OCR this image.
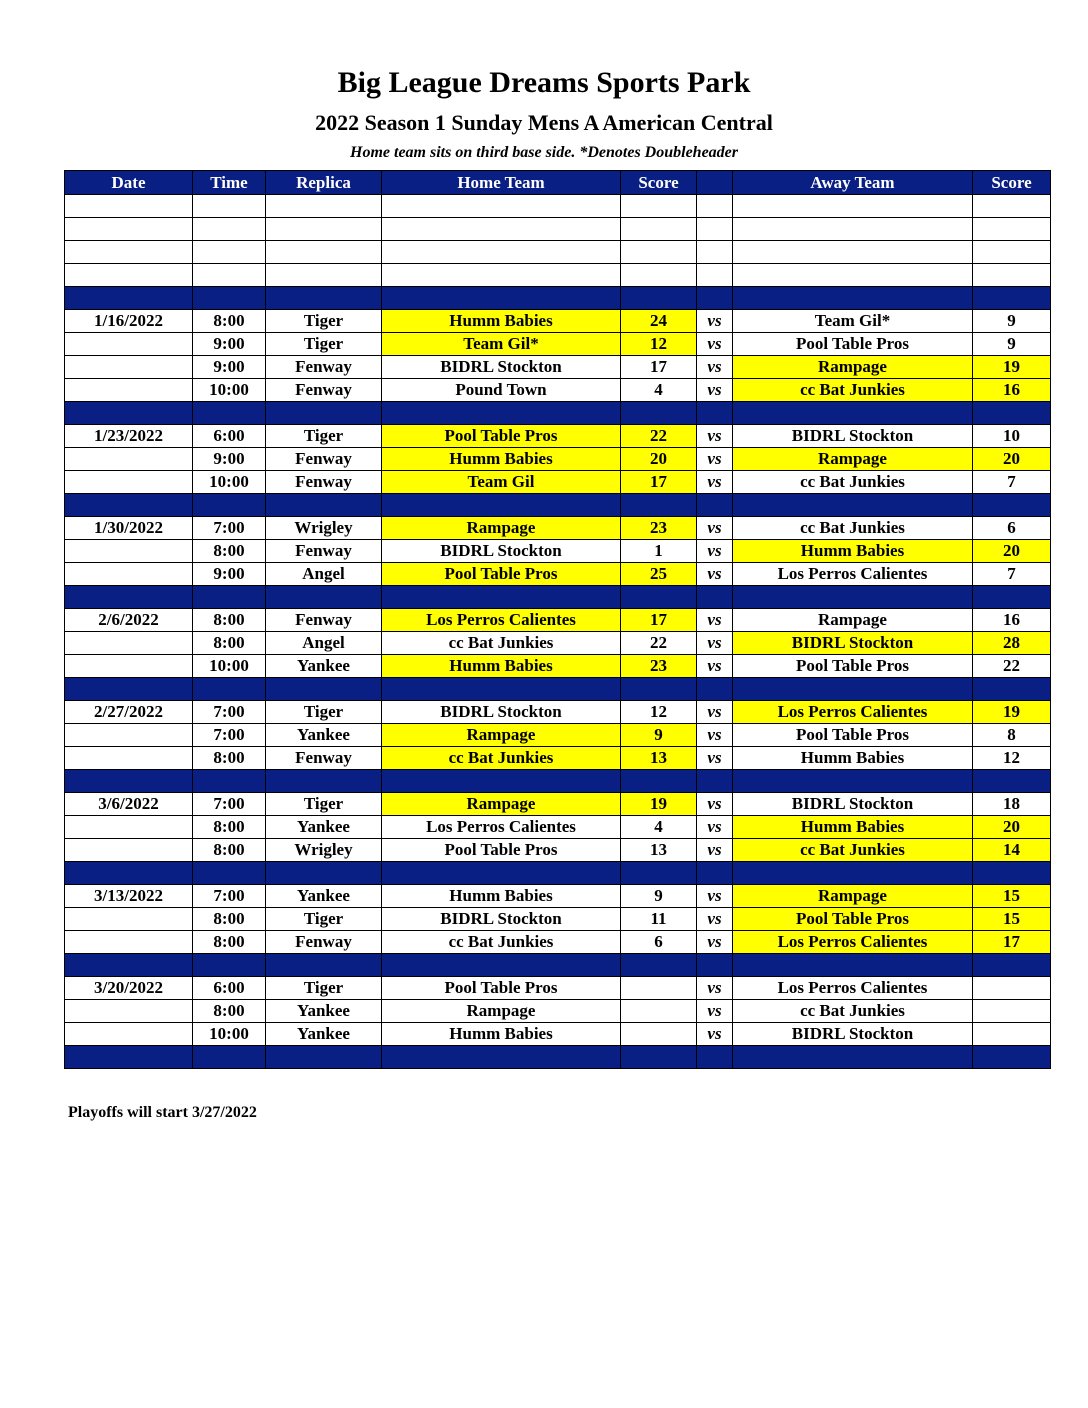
Big League Dreams Sports Park
2022 Season 1 Sunday Mens A American Central
Home team sits on third base side. *Denotes Doubleheader
Date	Time	Replica	Home Team	Score		Away Team	Score

1/16/2022	8:00	Tiger	Humm Babies	24	vs	Team Gil*	9
	9:00	Tiger	Team Gil*	12	vs	Pool Table Pros	9
	9:00	Fenway	BIDRL Stockton	17	vs	Rampage	19
	10:00	Fenway	Pound Town	4	vs	cc Bat Junkies	16

1/23/2022	6:00	Tiger	Pool Table Pros	22	vs	BIDRL Stockton	10
	9:00	Fenway	Humm Babies	20	vs	Rampage	20
	10:00	Fenway	Team Gil	17	vs	cc Bat Junkies	7

1/30/2022	7:00	Wrigley	Rampage	23	vs	cc Bat Junkies	6
	8:00	Fenway	BIDRL Stockton	1	vs	Humm Babies	20
	9:00	Angel	Pool Table Pros	25	vs	Los Perros Calientes	7

2/6/2022	8:00	Fenway	Los Perros Calientes	17	vs	Rampage	16
	8:00	Angel	cc Bat Junkies	22	vs	BIDRL Stockton	28
	10:00	Yankee	Humm Babies	23	vs	Pool Table Pros	22

2/27/2022	7:00	Tiger	BIDRL Stockton	12	vs	Los Perros Calientes	19
	7:00	Yankee	Rampage	9	vs	Pool Table Pros	8
	8:00	Fenway	cc Bat Junkies	13	vs	Humm Babies	12

3/6/2022	7:00	Tiger	Rampage	19	vs	BIDRL Stockton	18
	8:00	Yankee	Los Perros Calientes	4	vs	Humm Babies	20
	8:00	Wrigley	Pool Table Pros	13	vs	cc Bat Junkies	14

3/13/2022	7:00	Yankee	Humm Babies	9	vs	Rampage	15
	8:00	Tiger	BIDRL Stockton	11	vs	Pool Table Pros	15
	8:00	Fenway	cc Bat Junkies	6	vs	Los Perros Calientes	17

3/20/2022	6:00	Tiger	Pool Table Pros		vs	Los Perros Calientes	
	8:00	Yankee	Rampage		vs	cc Bat Junkies	
	10:00	Yankee	Humm Babies		vs	BIDRL Stockton	

Playoffs will start 3/27/2022
